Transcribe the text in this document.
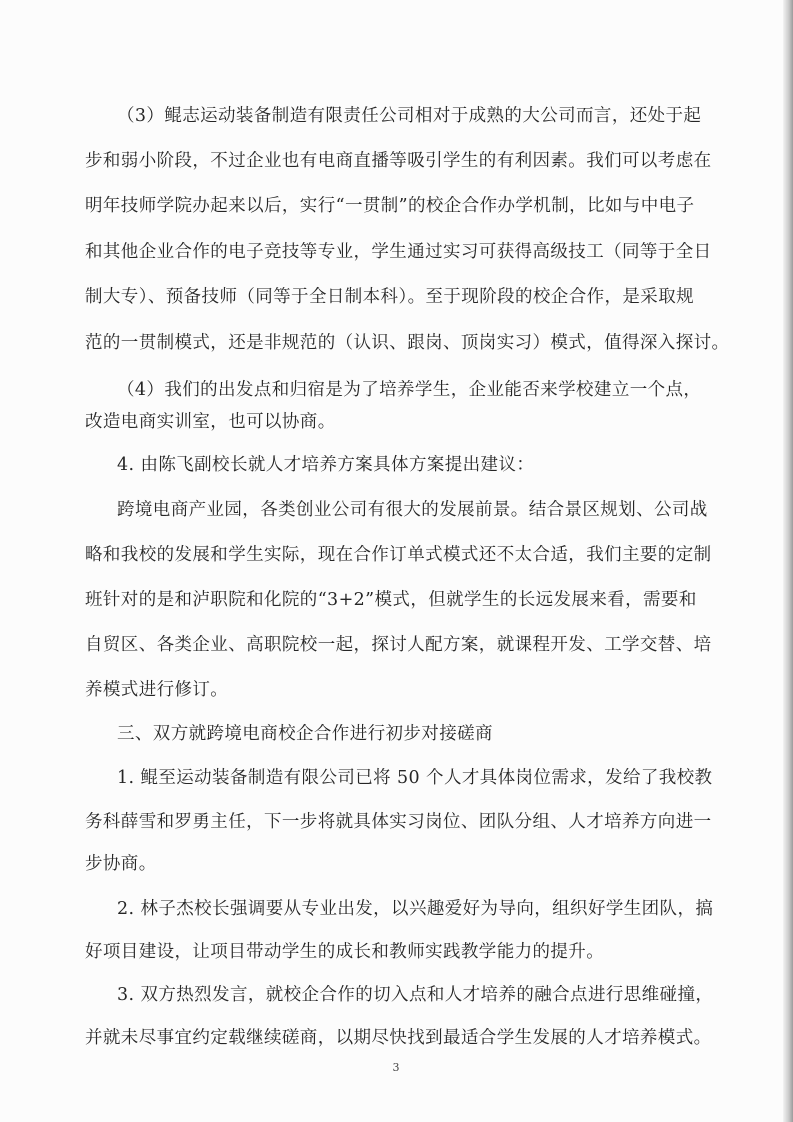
（3）鲲志运动装备制造有限责任公司相对于成熟的大公司而言，还处于起

步和弱小阶段，不过企业也有电商直播等吸引学生的有利因素。我们可以考虑在

明年技师学院办起来以后，实行“一贯制”的校企合作办学机制，比如与中电子

和其他企业合作的电子竞技等专业，学生通过实习可获得高级技工（同等于全日

制大专）、预备技师（同等于全日制本科）。至于现阶段的校企合作，是采取规

范的一贯制模式，还是非规范的（认识、跟岗、顶岗实习）模式，值得深入探讨。

（4）我们的出发点和归宿是为了培养学生，企业能否来学校建立一个点，

改造电商实训室，也可以协商。

4. 由陈飞副校长就人才培养方案具体方案提出建议：

跨境电商产业园，各类创业公司有很大的发展前景。结合景区规划、公司战

略和我校的发展和学生实际，现在合作订单式模式还不太合适，我们主要的定制

班针对的是和泸职院和化院的“3+2”模式，但就学生的长远发展来看，需要和

自贸区、各类企业、高职院校一起，探讨人配方案，就课程开发、工学交替、培

养模式进行修订。

三、双方就跨境电商校企合作进行初步对接磋商

1. 鲲至运动装备制造有限公司已将 50 个人才具体岗位需求，发给了我校教

务科薛雪和罗勇主任，下一步将就具体实习岗位、团队分组、人才培养方向进一

步协商。

2. 林子杰校长强调要从专业出发，以兴趣爱好为导向，组织好学生团队，搞

好项目建设，让项目带动学生的成长和教师实践教学能力的提升。

3. 双方热烈发言，就校企合作的切入点和人才培养的融合点进行思维碰撞，

并就未尽事宜约定载继续磋商，以期尽快找到最适合学生发展的人才培养模式。

3
